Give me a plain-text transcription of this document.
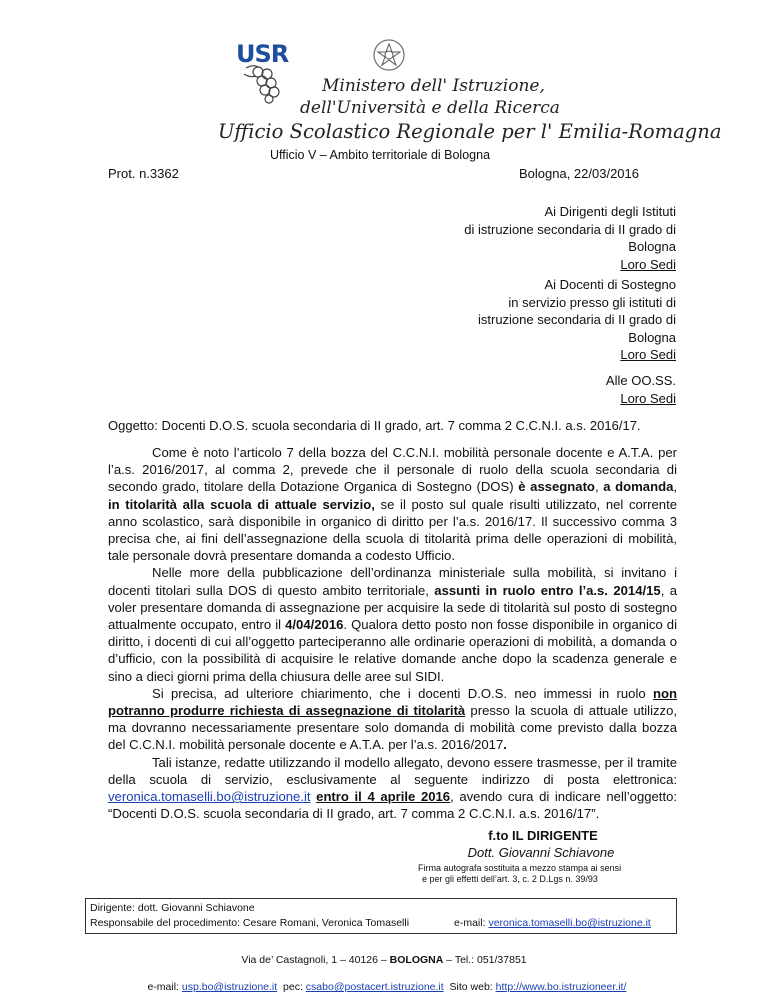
USR
Ministero dell' Istruzione,
dell'Università e della Ricerca
Ufficio Scolastico Regionale per l' Emilia-Romagna
Ufficio V – Ambito territoriale di Bologna
Prot. n.3362	Bologna, 22/03/2016
Ai Dirigenti degli Istituti
di istruzione secondaria di II grado di
Bologna
Loro Sedi
Ai Docenti di Sostegno
in servizio presso gli istituti di
istruzione secondaria di II grado di
Bologna
Loro Sedi
Alle OO.SS.
Loro Sedi
Oggetto: Docenti D.O.S. scuola secondaria di II grado, art. 7 comma 2 C.C.N.I. a.s. 2016/17.

Come è noto l’articolo 7 della bozza del C.C.N.I. mobilità personale docente e A.T.A. per l’a.s. 2016/2017, al comma 2, prevede che il personale di ruolo della scuola secondaria di secondo grado, titolare della Dotazione Organica di Sostegno (DOS) è assegnato, a domanda, in titolarità alla scuola di attuale servizio, se il posto sul quale risulti utilizzato, nel corrente anno scolastico, sarà disponibile in organico di diritto per l’a.s. 2016/17. Il successivo comma 3 precisa che, ai fini dell’assegnazione della scuola di titolarità prima delle operazioni di mobilità, tale personale dovrà presentare domanda a codesto Ufficio.

Nelle more della pubblicazione dell’ordinanza ministeriale sulla mobilità, si invitano i docenti titolari sulla DOS di questo ambito territoriale, assunti in ruolo entro l’a.s. 2014/15, a voler presentare domanda di assegnazione per acquisire la sede di titolarità sul posto di sostegno attualmente occupato, entro il 4/04/2016. Qualora detto posto non fosse disponibile in organico di diritto, i docenti di cui all’oggetto parteciperanno alle ordinarie operazioni di mobilità, a domanda o d’ufficio, con la possibilità di acquisire le relative domande anche dopo la scadenza generale e sino a dieci giorni prima della chiusura delle aree sul SIDI.

Si precisa, ad ulteriore chiarimento, che i docenti D.O.S. neo immessi in ruolo non potranno produrre richiesta di assegnazione di titolarità presso la scuola di attuale utilizzo, ma dovranno necessariamente presentare solo domanda di mobilità come previsto dalla bozza del C.C.N.I. mobilità personale docente e A.T.A. per l’a.s. 2016/2017.

Tali istanze, redatte utilizzando il modello allegato, devono essere trasmesse, per il tramite della scuola di servizio, esclusivamente al seguente indirizzo di posta elettronica: veronica.tomaselli.bo@istruzione.it entro il 4 aprile 2016, avendo cura di indicare nell’oggetto: “Docenti D.O.S. scuola secondaria di II grado, art. 7 comma 2 C.C.N.I. a.s. 2016/17”.

f.to IL DIRIGENTE
Dott. Giovanni Schiavone
Firma autografa sostituita a mezzo stampa ai sensi
e per gli effetti dell’art. 3, c. 2 D.Lgs n. 39/93
Dirigente: dott. Giovanni Schiavone
Responsabile del procedimento: Cesare Romani, Veronica Tomaselli	e-mail: veronica.tomaselli.bo@istruzione.it
Via de’ Castagnoli, 1 – 40126 – BOLOGNA – Tel.: 051/37851

e-mail: usp.bo@istruzione.it  pec: csabo@postacert.istruzione.it  Sito web: http://www.bo.istruzioneer.it/
